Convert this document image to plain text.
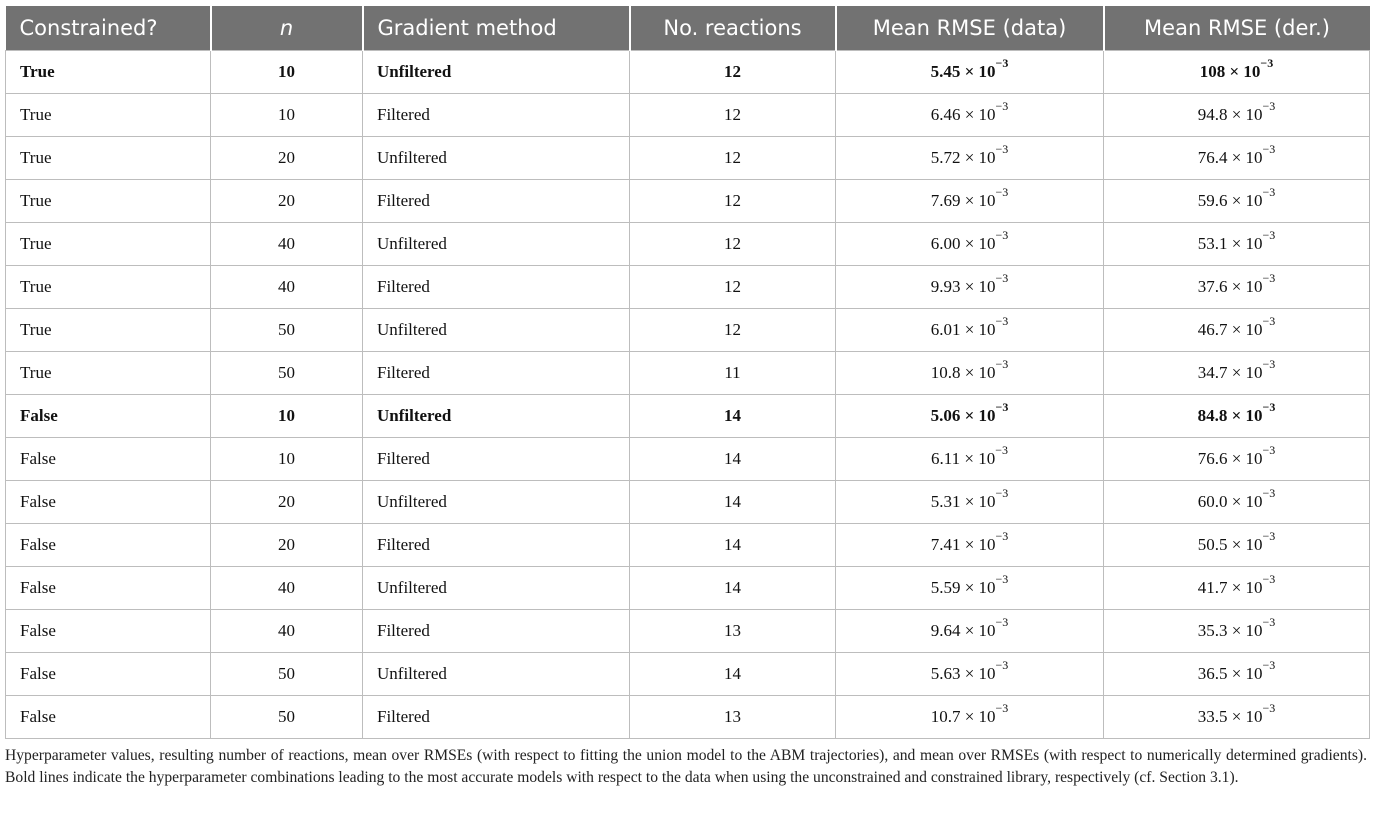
Constrained?	n	Gradient method	No. reactions	Mean RMSE (data)	Mean RMSE (der.)
True	10	Unfiltered	12	$5.45 \times 10^{-3}$	$108 \times 10^{-3}$
True	10	Filtered	12	$6.46 \times 10^{-3}$	$94.8 \times 10^{-3}$
True	20	Unfiltered	12	$5.72 \times 10^{-3}$	$76.4 \times 10^{-3}$
True	20	Filtered	12	$7.69 \times 10^{-3}$	$59.6 \times 10^{-3}$
True	40	Unfiltered	12	$6.00 \times 10^{-3}$	$53.1 \times 10^{-3}$
True	40	Filtered	12	$9.93 \times 10^{-3}$	$37.6 \times 10^{-3}$
True	50	Unfiltered	12	$6.01 \times 10^{-3}$	$46.7 \times 10^{-3}$
True	50	Filtered	11	$10.8 \times 10^{-3}$	$34.7 \times 10^{-3}$
False	10	Unfiltered	14	$5.06 \times 10^{-3}$	$84.8 \times 10^{-3}$
False	10	Filtered	14	$6.11 \times 10^{-3}$	$76.6 \times 10^{-3}$
False	20	Unfiltered	14	$5.31 \times 10^{-3}$	$60.0 \times 10^{-3}$
False	20	Filtered	14	$7.41 \times 10^{-3}$	$50.5 \times 10^{-3}$
False	40	Unfiltered	14	$5.59 \times 10^{-3}$	$41.7 \times 10^{-3}$
False	40	Filtered	13	$9.64 \times 10^{-3}$	$35.3 \times 10^{-3}$
False	50	Unfiltered	14	$5.63 \times 10^{-3}$	$36.5 \times 10^{-3}$
False	50	Filtered	13	$10.7 \times 10^{-3}$	$33.5 \times 10^{-3}$

Hyperparameter values, resulting number of reactions, mean over RMSEs (with respect to fitting the union model to the ABM trajectories), and mean over RMSEs (with respect to numerically determined gradients). Bold lines indicate the hyperparameter combinations leading to the most accurate models with respect to the data when using the unconstrained and constrained library, respectively (cf. Section 3.1).
